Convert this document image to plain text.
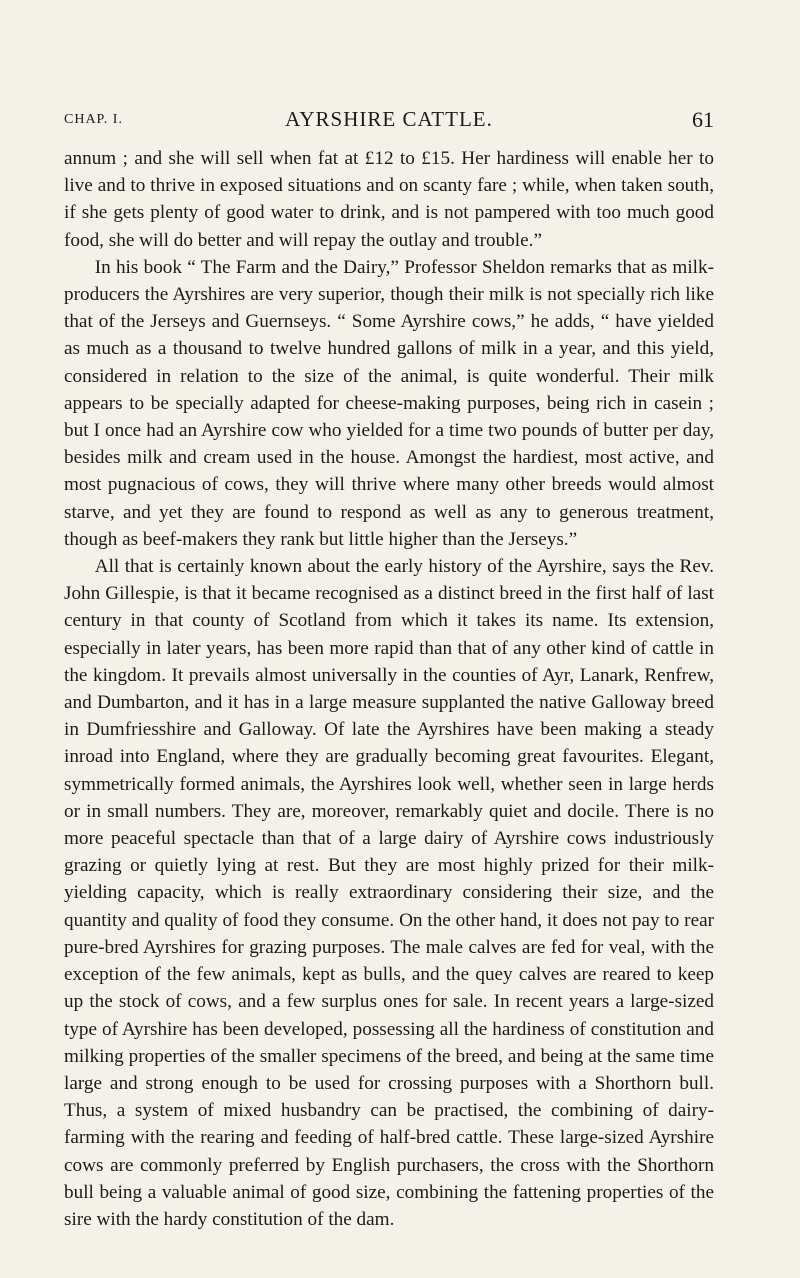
CHAP. I.	AYRSHIRE CATTLE.	61

annum ; and she will sell when fat at £12 to £15. Her hardiness will enable her to live and to thrive in exposed situations and on scanty fare ; while, when taken south, if she gets plenty of good water to drink, and is not pampered with too much good food, she will do better and will repay the outlay and trouble.”

In his book “ The Farm and the Dairy,” Professor Sheldon remarks that as milk-producers the Ayrshires are very superior, though their milk is not specially rich like that of the Jerseys and Guernseys. “ Some Ayrshire cows,” he adds, “ have yielded as much as a thousand to twelve hundred gallons of milk in a year, and this yield, considered in relation to the size of the animal, is quite wonderful. Their milk appears to be specially adapted for cheese-making purposes, being rich in casein ; but I once had an Ayrshire cow who yielded for a time two pounds of butter per day, besides milk and cream used in the house. Amongst the hardiest, most active, and most pugnacious of cows, they will thrive where many other breeds would almost starve, and yet they are found to respond as well as any to generous treatment, though as beef-makers they rank but little higher than the Jerseys.”

All that is certainly known about the early history of the Ayrshire, says the Rev. John Gillespie, is that it became recognised as a distinct breed in the first half of last century in that county of Scotland from which it takes its name. Its extension, especially in later years, has been more rapid than that of any other kind of cattle in the kingdom. It prevails almost universally in the counties of Ayr, Lanark, Renfrew, and Dumbarton, and it has in a large measure supplanted the native Galloway breed in Dumfriesshire and Galloway. Of late the Ayrshires have been making a steady inroad into England, where they are gradually becoming great favourites. Elegant, symmetrically formed animals, the Ayrshires look well, whether seen in large herds or in small numbers. They are, moreover, remarkably quiet and docile. There is no more peaceful spectacle than that of a large dairy of Ayrshire cows industriously grazing or quietly lying at rest. But they are most highly prized for their milk-yielding capacity, which is really extraordinary considering their size, and the quantity and quality of food they consume. On the other hand, it does not pay to rear pure-bred Ayrshires for grazing purposes. The male calves are fed for veal, with the exception of the few animals, kept as bulls, and the quey calves are reared to keep up the stock of cows, and a few surplus ones for sale. In recent years a large-sized type of Ayrshire has been developed, possessing all the hardiness of constitution and milking properties of the smaller specimens of the breed, and being at the same time large and strong enough to be used for crossing purposes with a Shorthorn bull. Thus, a system of mixed husbandry can be practised, the combining of dairy-farming with the rearing and feeding of half-bred cattle. These large-sized Ayrshire cows are commonly preferred by English purchasers, the cross with the Shorthorn bull being a valuable animal of good size, combining the fattening properties of the sire with the hardy constitution of the dam.
